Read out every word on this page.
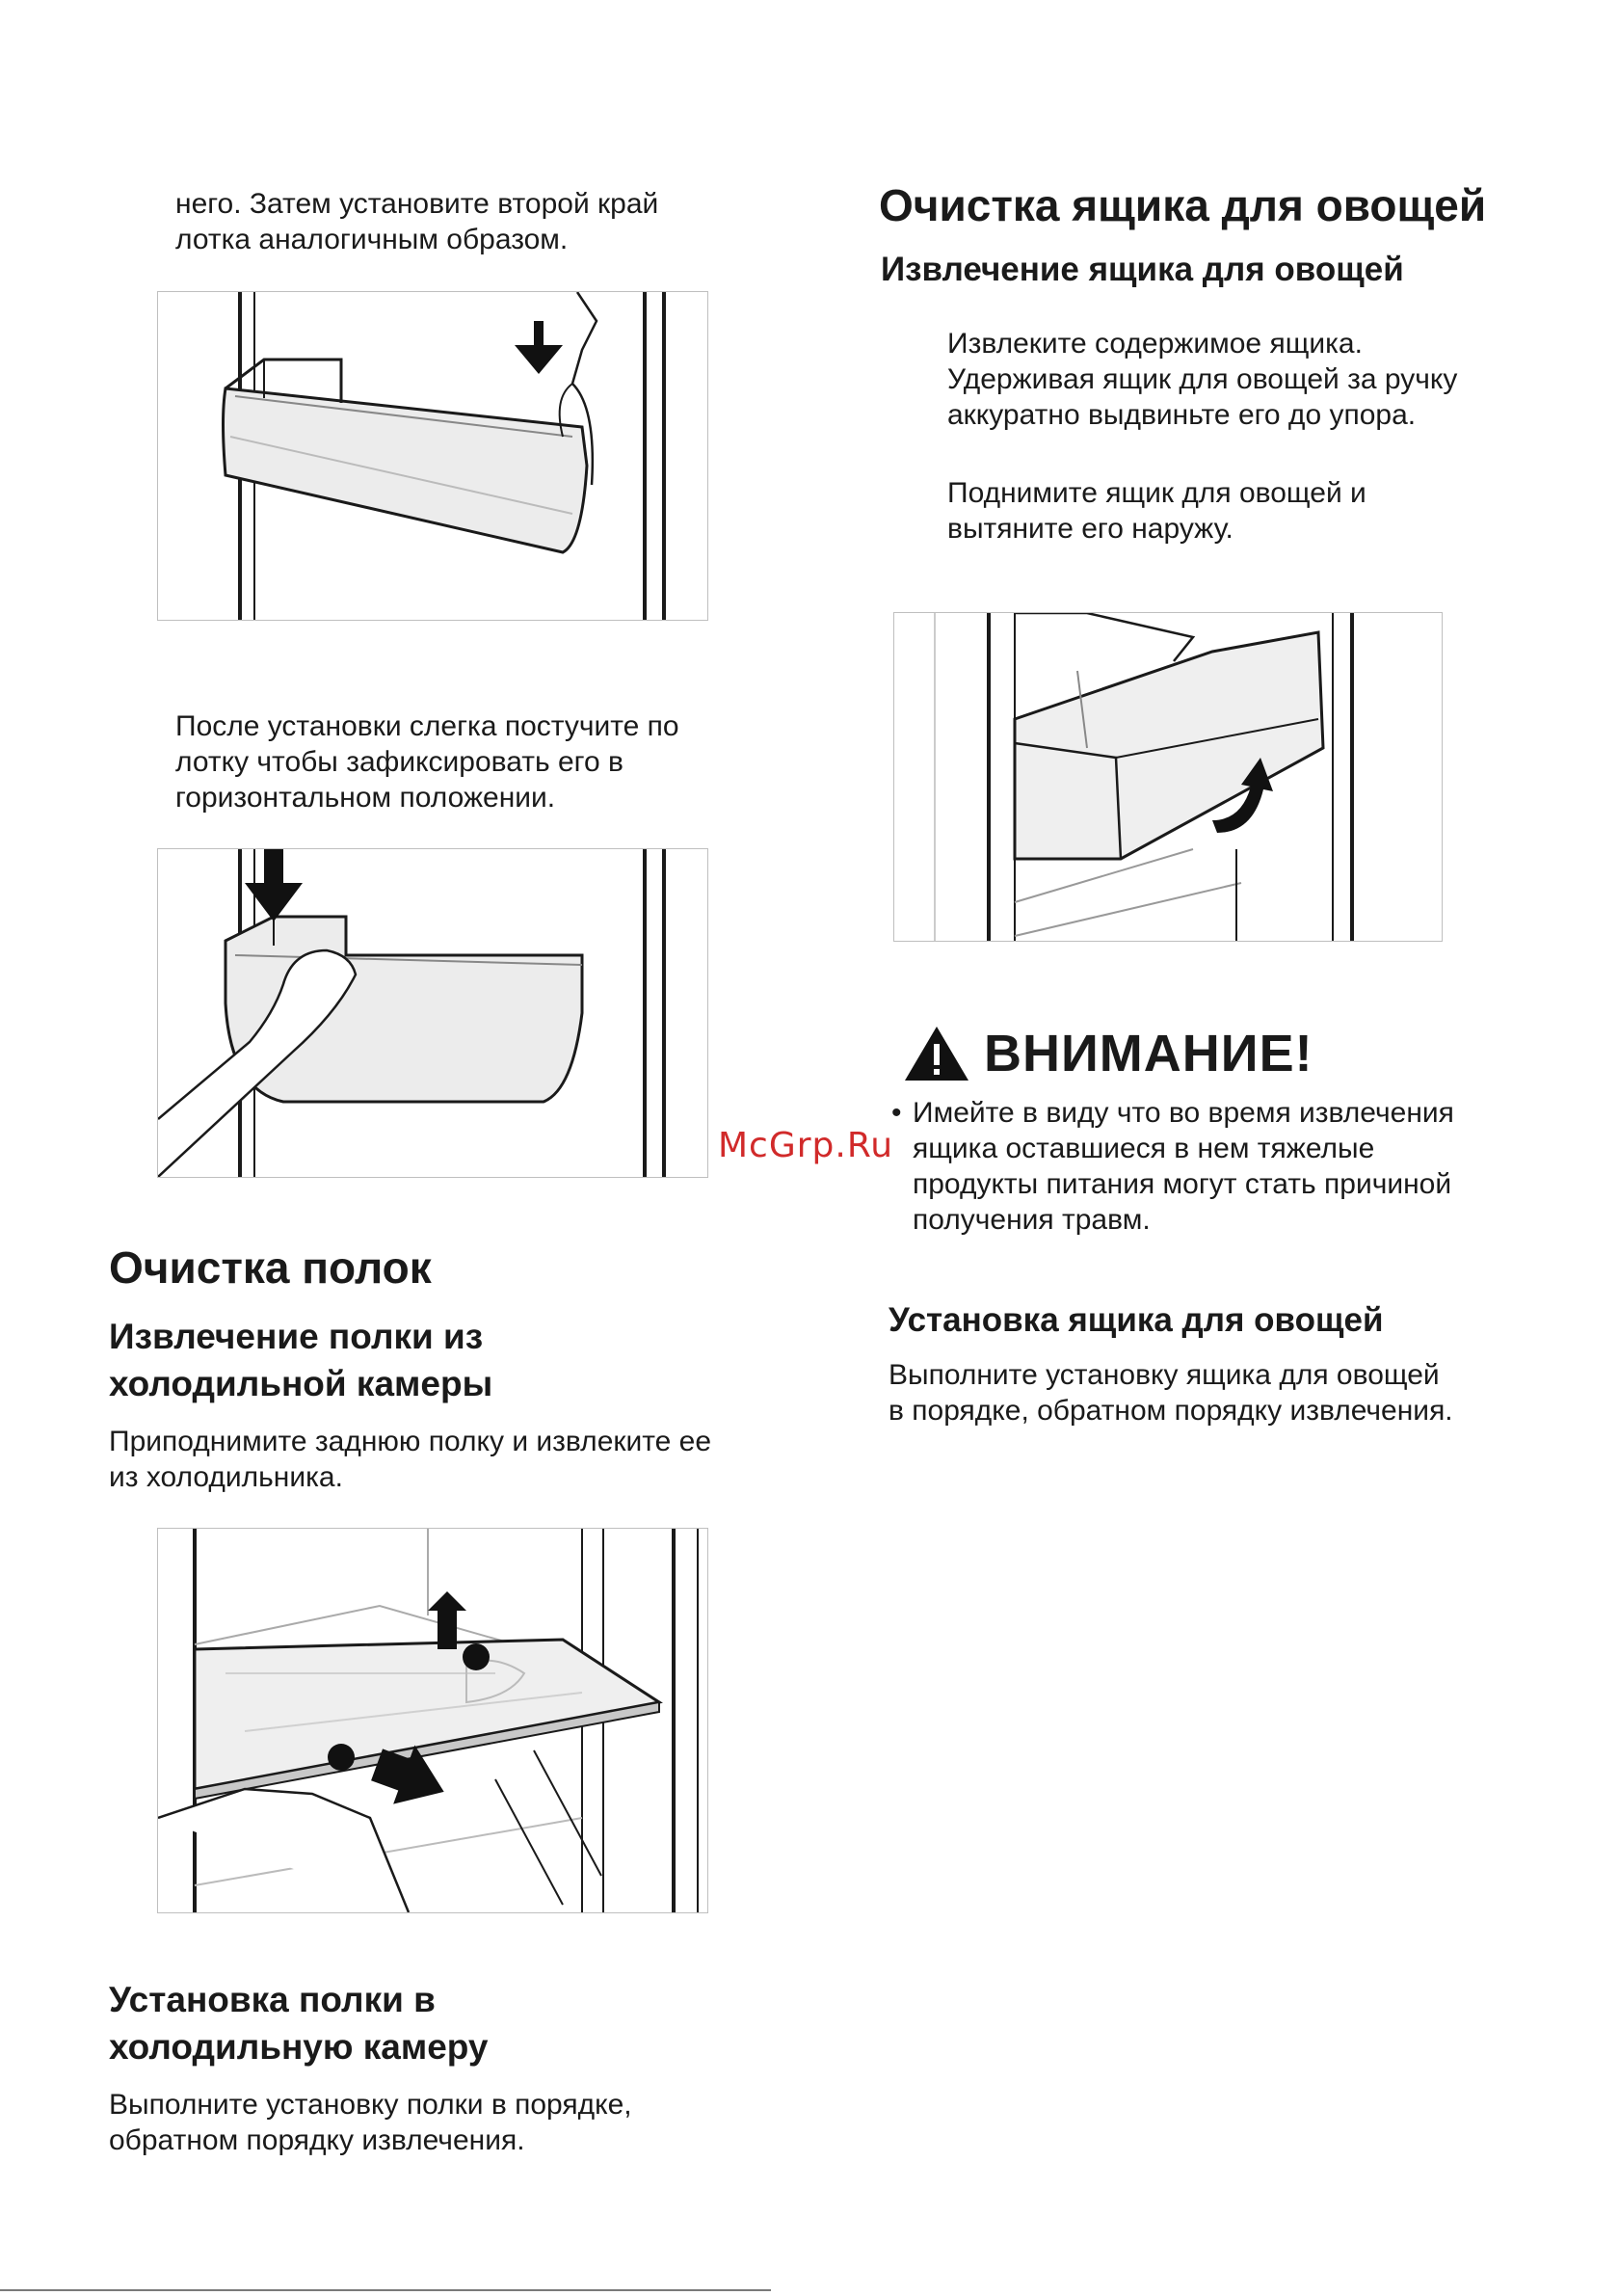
него. Затем установите второй край
лотка аналогичным образом.

После установки слегка постучите по
лотку чтобы зафиксировать его в
горизонтальном положении.

Очистка полок

Извлечение полки из
холодильной камеры

Приподнимите заднюю полку и извлеките ее
из холодильника.

Установка полки в
холодильную камеру

Выполните установку полки в порядке,
обратном порядку извлечения.

Очистка ящика для овощей

Извлечение ящика для овощей

Извлеките содержимое ящика.
Удерживая ящик для овощей за ручку
аккуратно выдвиньте его до упора.

Поднимите ящик для овощей и
вытяните его наружу.

ВНИМАНИЕ!
• Имейте в виду что во время извлечения
ящика оставшиеся в нем тяжелые
продукты питания могут стать причиной
получения травм.

Установка ящика для овощей

Выполните установку ящика для овощей
в порядке, обратном порядку извлечения.

McGrp.Ru
